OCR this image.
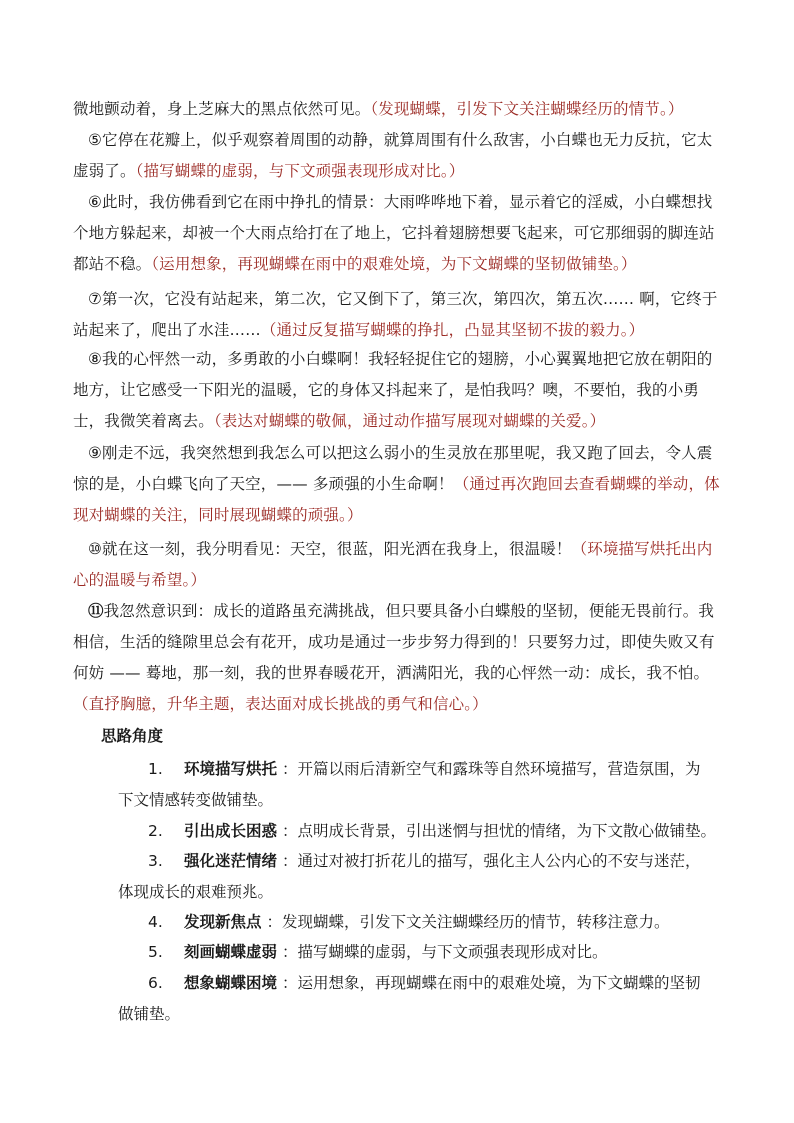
微地颤动着，身上芝麻大的黑点依然可见。（发现蝴蝶，引发下文关注蝴蝶经历的情节。）

⑤它停在花瓣上，似乎观察着周围的动静，就算周围有什么敌害，小白蝶也无力反抗，它太虚弱了。（描写蝴蝶的虚弱，与下文顽强表现形成对比。）

⑥此时，我仿佛看到它在雨中挣扎的情景：大雨哗哗地下着，显示着它的淫威，小白蝶想找个地方躲起来，却被一个大雨点给打在了地上，它抖着翅膀想要飞起来，可它那细弱的脚连站都站不稳。（运用想象，再现蝴蝶在雨中的艰难处境，为下文蝴蝶的坚韧做铺垫。）

⑦第一次，它没有站起来，第二次，它又倒下了，第三次，第四次，第五次…… 啊，它终于站起来了，爬出了水洼……（通过反复描写蝴蝶的挣扎，凸显其坚韧不拔的毅力。）

⑧我的心怦然一动，多勇敢的小白蝶啊！我轻轻捉住它的翅膀，小心翼翼地把它放在朝阳的地方，让它感受一下阳光的温暖，它的身体又抖起来了，是怕我吗？噢，不要怕，我的小勇士，我微笑着离去。（表达对蝴蝶的敬佩，通过动作描写展现对蝴蝶的关爱。）

⑨刚走不远，我突然想到我怎么可以把这么弱小的生灵放在那里呢，我又跑了回去，令人震惊的是，小白蝶飞向了天空，—— 多顽强的小生命啊！（通过再次跑回去查看蝴蝶的举动，体现对蝴蝶的关注，同时展现蝴蝶的顽强。）

⑩就在这一刻，我分明看见：天空，很蓝，阳光洒在我身上，很温暖！（环境描写烘托出内心的温暖与希望。）

⑪我忽然意识到：成长的道路虽充满挑战，但只要具备小白蝶般的坚韧，便能无畏前行。我相信，生活的缝隙里总会有花开，成功是通过一步步努力得到的！只要努力过，即使失败又有何妨 —— 蓦地，那一刻，我的世界春暖花开，洒满阳光，我的心怦然一动：成长，我不怕。（直抒胸臆，升华主题，表达面对成长挑战的勇气和信心。）

思路角度
1. 环境描写烘托 ：开篇以雨后清新空气和露珠等自然环境描写，营造氛围，为
下文情感转变做铺垫。
2. 引出成长困惑 ：点明成长背景，引出迷惘与担忧的情绪，为下文散心做铺垫。
3. 强化迷茫情绪 ：通过对被打折花儿的描写，强化主人公内心的不安与迷茫，
体现成长的艰难预兆。
4. 发现新焦点 ：发现蝴蝶，引发下文关注蝴蝶经历的情节，转移注意力。
5. 刻画蝴蝶虚弱 ：描写蝴蝶的虚弱，与下文顽强表现形成对比。
6. 想象蝴蝶困境 ：运用想象，再现蝴蝶在雨中的艰难处境，为下文蝴蝶的坚韧
做铺垫。
